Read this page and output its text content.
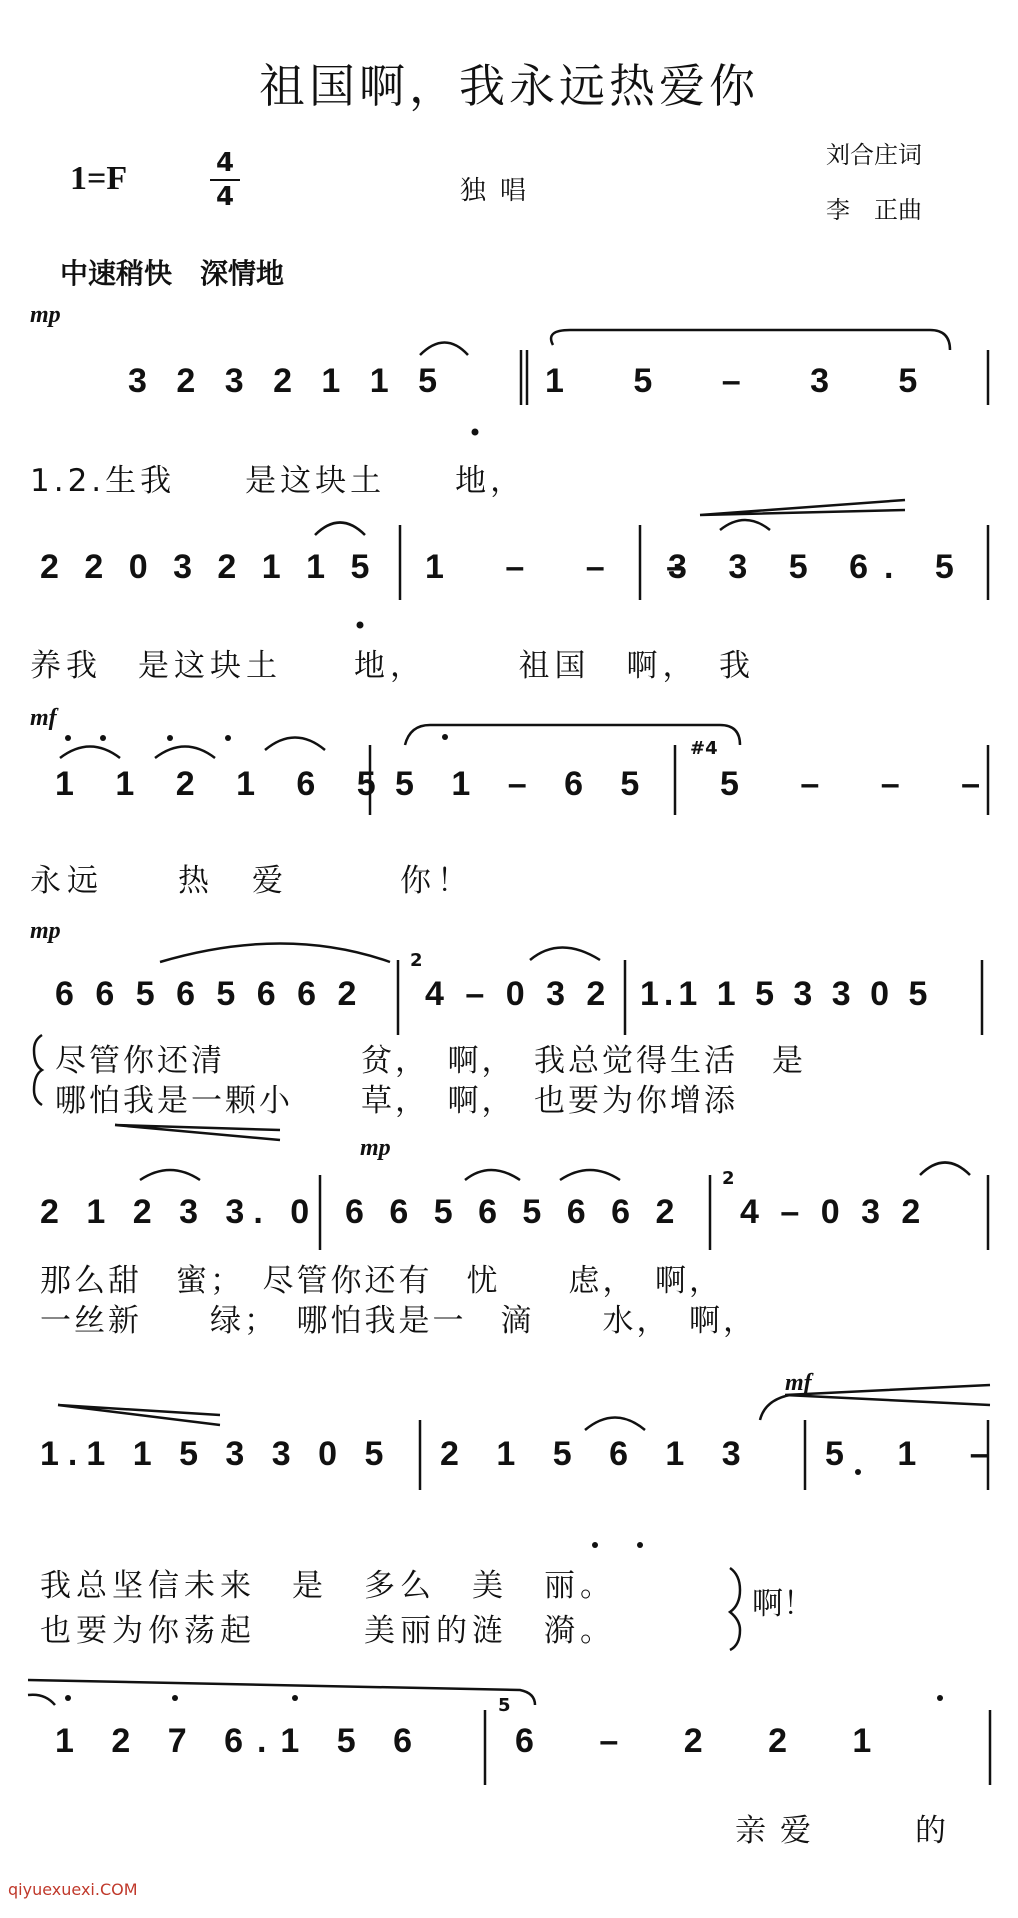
祖国啊，我永远热爱你
1=F	4
4	独唱
刘合庄词
李　正曲
中速稍快　深情地
mp
3 2 3 2 1 1 5	1 5 – 3 5
1.2.生我　　是这块土　　地，
2 2 0 3 2 1 1 5 1 – – –
3 3 5 6. 5
养我　是这块土　　地，　　　祖国　啊，　我
mf
1 1 2 1 6 5 5 1 – 6 5
#4
5 – – –
永远　　热　爱　　　你！
mp
6 6 5 6 5 6 6 2
2
4 – 0 3 2 1.1 1 5 3 3 0 5
尽管你还清　　　　贫，　啊，　我总觉得生活　是
哪怕我是一颗小　　草，　啊，　也要为你增添
mp
2 1 2 3 3. 0 6 6 5 6 5 6 6 2
2
4 – 0 3 2
那么甜　蜜；　尽管你还有　忧　　虑，　啊，
一丝新　　绿；　哪怕我是一　滴　　水，　啊，
mf
1.1 1 5 3 3 0 5 2 1 5 6 1 3 5 1 –
我总坚信未来　是　多么　美　丽。
也要为你荡起　　　美丽的涟　漪。
啊！
1 2 7 6.1 5 6
5
6 – 2 2 1
亲爱　　的
qiyuexuexi.COM
